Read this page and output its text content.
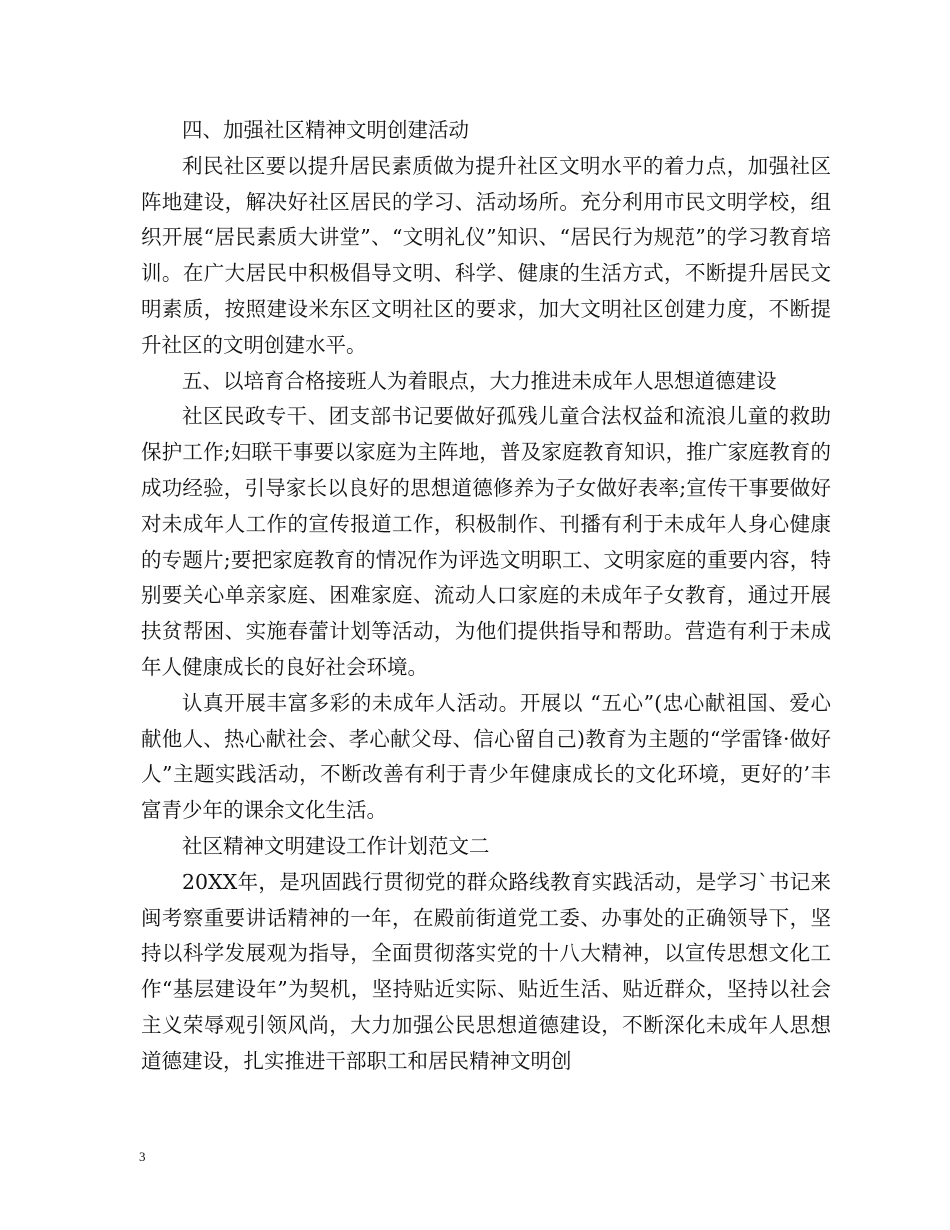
四、加强社区精神文明创建活动

利民社区要以提升居民素质做为提升社区文明水平的着力点，加强社区阵地建设，解决好社区居民的学习、活动场所。充分利用市民文明学校，组织开展“居民素质大讲堂”、“文明礼仪”知识、“居民行为规范”的学习教育培训。在广大居民中积极倡导文明、科学、健康的生活方式，不断提升居民文明素质，按照建设米东区文明社区的要求，加大文明社区创建力度，不断提升社区的文明创建水平。

五、以培育合格接班人为着眼点，大力推进未成年人思想道德建设

社区民政专干、团支部书记要做好孤残儿童合法权益和流浪儿童的救助保护工作;妇联干事要以家庭为主阵地，普及家庭教育知识，推广家庭教育的成功经验，引导家长以良好的思想道德修养为子女做好表率;宣传干事要做好对未成年人工作的宣传报道工作，积极制作、刊播有利于未成年人身心健康的专题片;要把家庭教育的情况作为评选文明职工、文明家庭的重要内容，特别要关心单亲家庭、困难家庭、流动人口家庭的未成年子女教育，通过开展扶贫帮困、实施春蕾计划等活动，为他们提供指导和帮助。营造有利于未成年人健康成长的良好社会环境。

认真开展丰富多彩的未成年人活动。开展以 “五心”(忠心献祖国、爱心献他人、热心献社会、孝心献父母、信心留自己)教育为主题的“学雷锋·做好人”主题实践活动，不断改善有利于青少年健康成长的文化环境，更好的’丰富青少年的课余文化生活。

社区精神文明建设工作计划范文二

20XX年，是巩固践行贯彻党的群众路线教育实践活动，是学习`书记来闽考察重要讲话精神的一年，在殿前街道党工委、办事处的正确领导下，坚持以科学发展观为指导，全面贯彻落实党的十八大精神，以宣传思想文化工作“基层建设年”为契机，坚持贴近实际、贴近生活、贴近群众，坚持以社会主义荣辱观引领风尚，大力加强公民思想道德建设，不断深化未成年人思想道德建设，扎实推进干部职工和居民精神文明创

3
